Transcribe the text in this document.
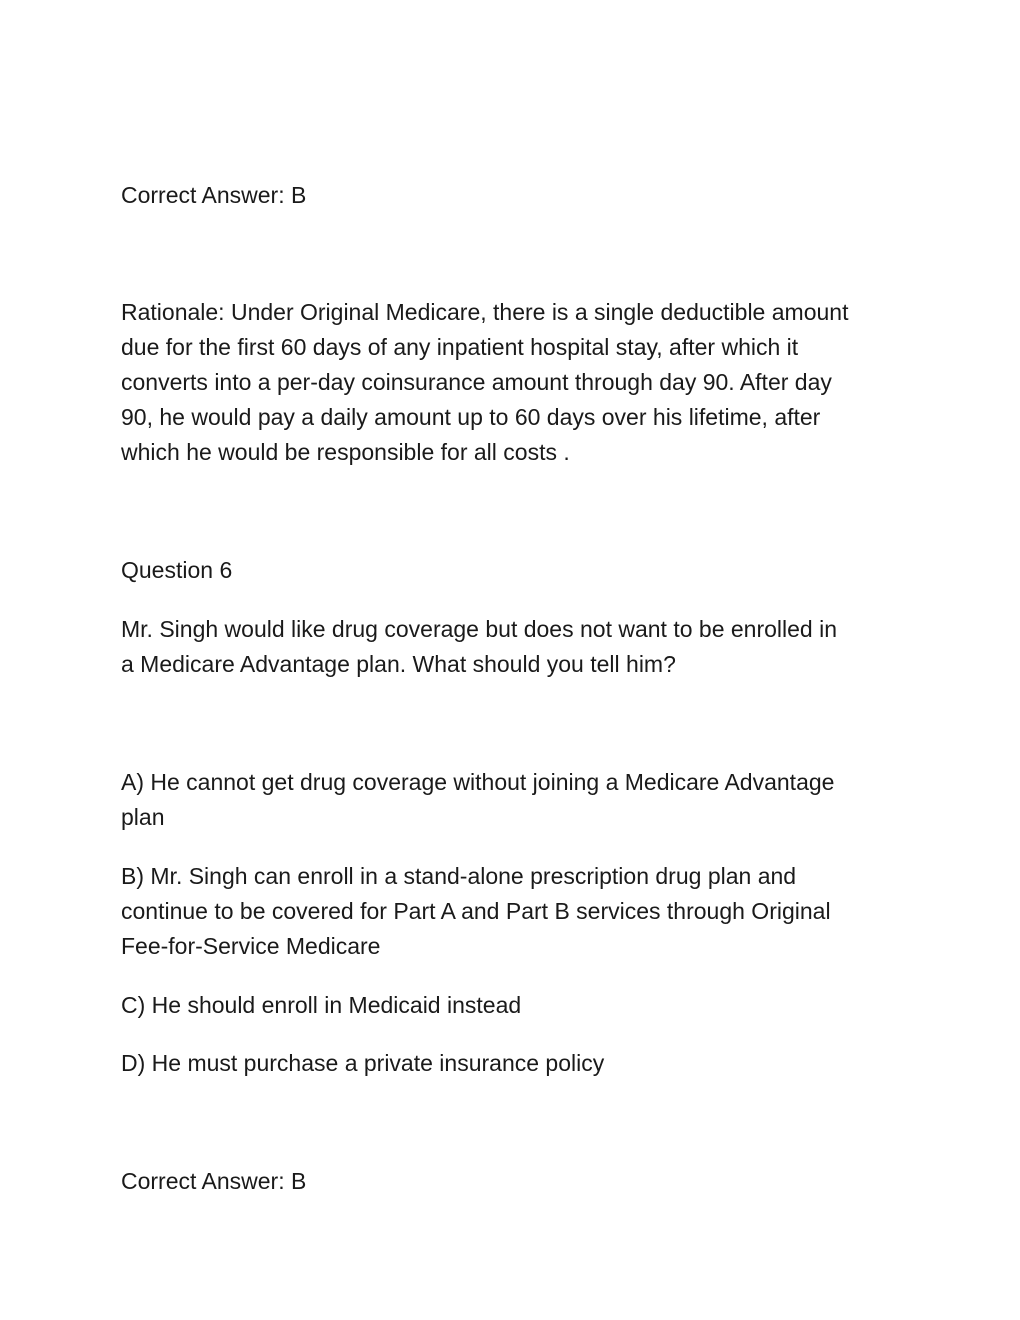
Correct Answer: B

Rationale: Under Original Medicare, there is a single deductible amount
due for the first 60 days of any inpatient hospital stay, after which it
converts into a per-day coinsurance amount through day 90. After day
90, he would pay a daily amount up to 60 days over his lifetime, after
which he would be responsible for all costs .

Question 6

Mr. Singh would like drug coverage but does not want to be enrolled in
a Medicare Advantage plan. What should you tell him?

A) He cannot get drug coverage without joining a Medicare Advantage
plan

B) Mr. Singh can enroll in a stand-alone prescription drug plan and
continue to be covered for Part A and Part B services through Original
Fee-for-Service Medicare

C) He should enroll in Medicaid instead

D) He must purchase a private insurance policy

Correct Answer: B
